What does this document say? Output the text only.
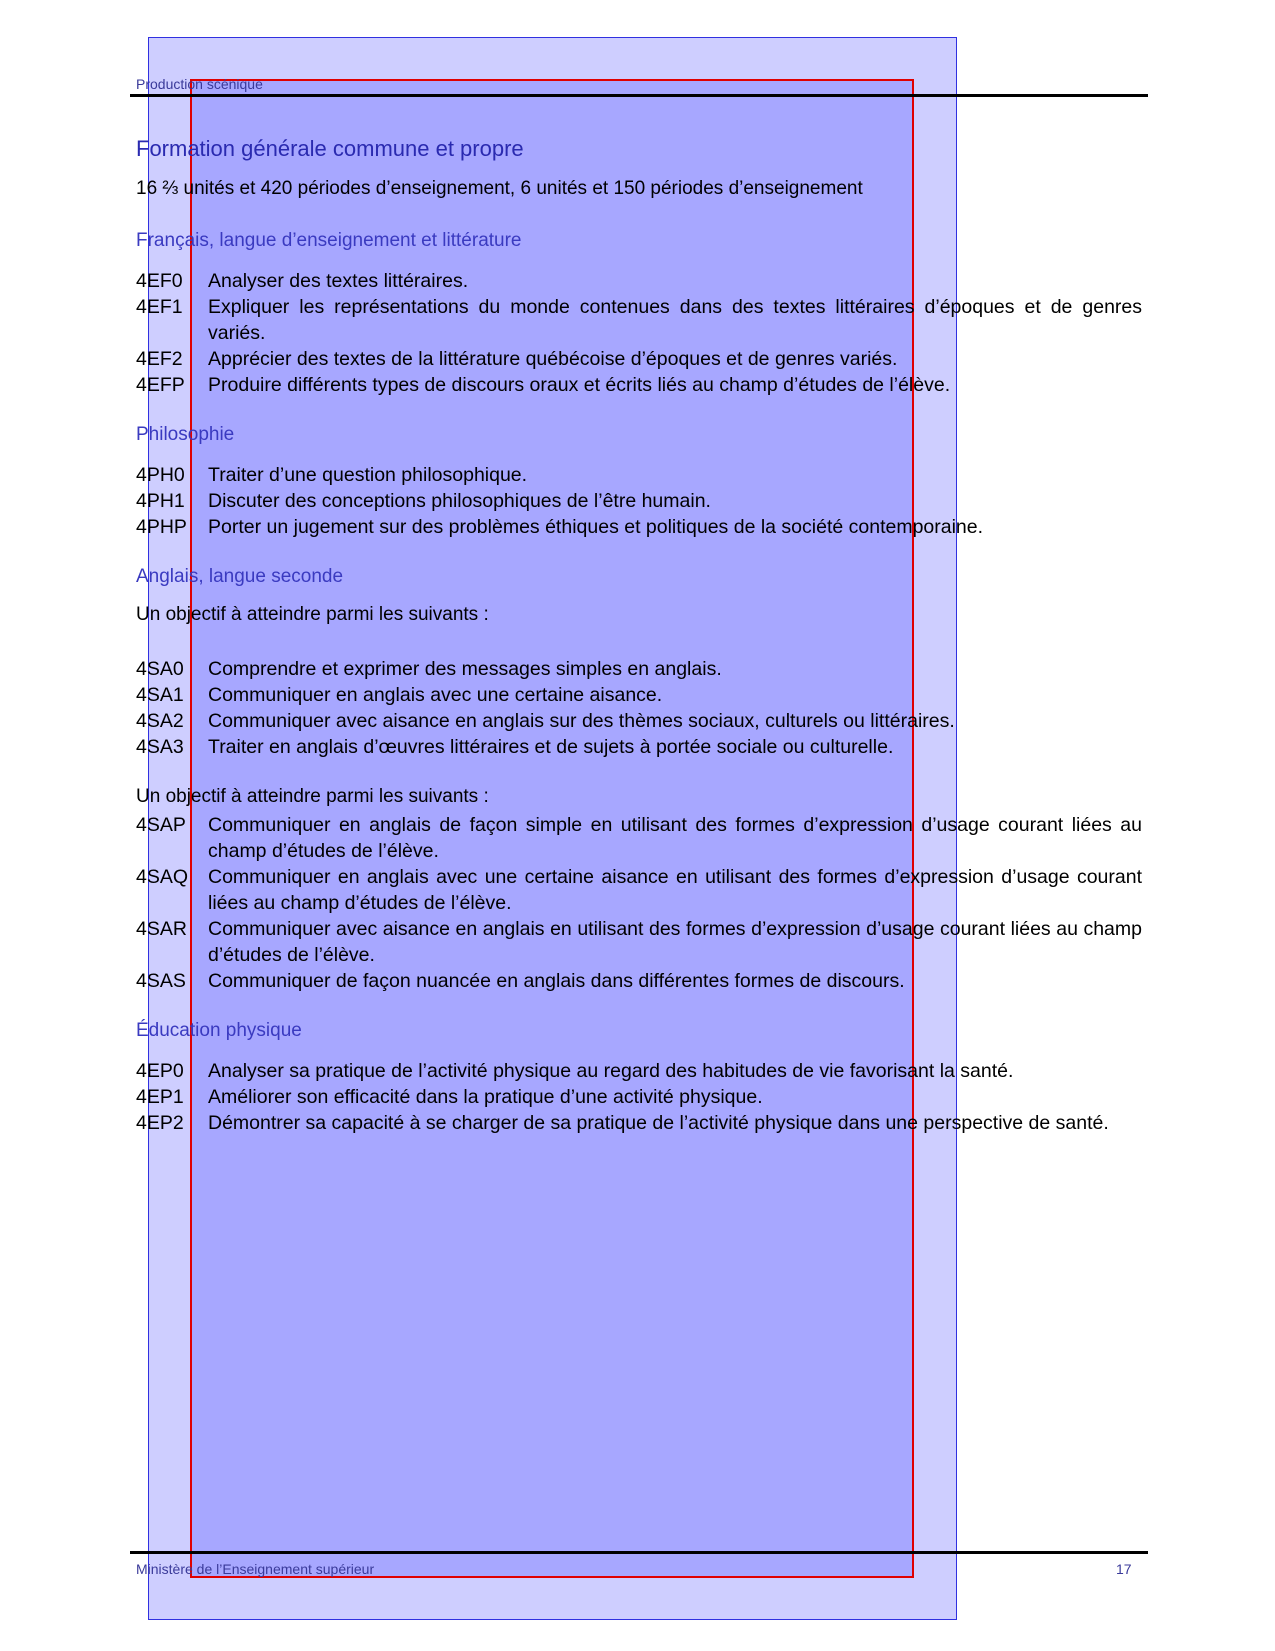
Production scénique
Formation générale commune et propre
16 ⅔ unités et 420 périodes d’enseignement, 6 unités et 150 périodes d’enseignement
Français, langue d’enseignement et littérature
4EF0	Analyser des textes littéraires.
4EF1	Expliquer les représentations du monde contenues dans des textes littéraires d’époques et de genres variés.
4EF2	Apprécier des textes de la littérature québécoise d’époques et de genres variés.
4EFP	Produire différents types de discours oraux et écrits liés au champ d’études de l’élève.
Philosophie
4PH0	Traiter d’une question philosophique.
4PH1	Discuter des conceptions philosophiques de l’être humain.
4PHP	Porter un jugement sur des problèmes éthiques et politiques de la société contemporaine.
Anglais, langue seconde
Un objectif à atteindre parmi les suivants :
4SA0	Comprendre et exprimer des messages simples en anglais.
4SA1	Communiquer en anglais avec une certaine aisance.
4SA2	Communiquer avec aisance en anglais sur des thèmes sociaux, culturels ou littéraires.
4SA3	Traiter en anglais d’œuvres littéraires et de sujets à portée sociale ou culturelle.
Un objectif à atteindre parmi les suivants :
4SAP	Communiquer en anglais de façon simple en utilisant des formes d’expression d’usage courant liées au champ d’études de l’élève.
4SAQ	Communiquer en anglais avec une certaine aisance en utilisant des formes d’expression d’usage courant liées au champ d’études de l’élève.
4SAR	Communiquer avec aisance en anglais en utilisant des formes d’expression d’usage courant liées au champ d’études de l’élève.
4SAS	Communiquer de façon nuancée en anglais dans différentes formes de discours.
Éducation physique
4EP0	Analyser sa pratique de l’activité physique au regard des habitudes de vie favorisant la santé.
4EP1	Améliorer son efficacité dans la pratique d’une activité physique.
4EP2	Démontrer sa capacité à se charger de sa pratique de l’activité physique dans une perspective de santé.
Ministère de l’Enseignement supérieur	17
